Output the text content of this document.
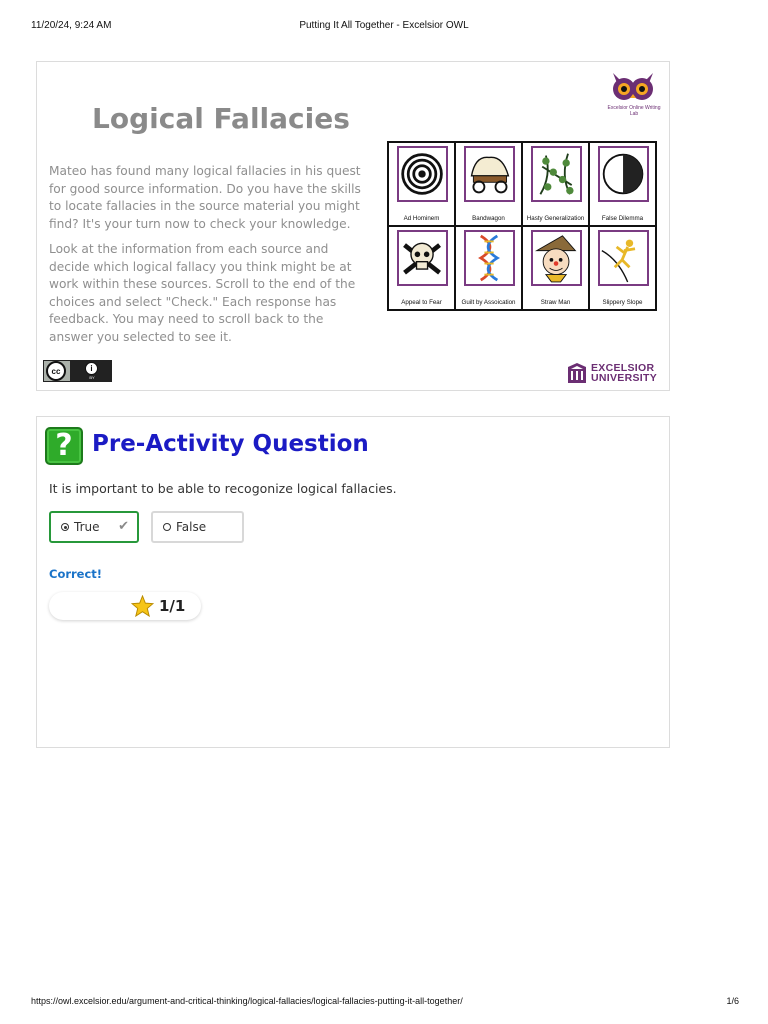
11/20/24, 9:24 AM	Putting It All Together - Excelsior OWL
Logical Fallacies

Mateo has found many logical fallacies in his quest for good source information. Do you have the skills to locate fallacies in the source material you might find? It's your turn now to check your knowledge.

Look at the information from each source and decide which logical fallacy you think might be at work within these sources. Scroll to the end of the choices and select "Check." Each response has feedback. You may need to scroll back to the answer you selected to see it.

Excelsior Online Writing Lab
Ad Hominem	Bandwagon	Hasty Generalization	False Dilemma
Appeal to Fear	Guilt by Assoication	Straw Man	Slippery Slope
cc	i
BY
EXCELSIOR
UNIVERSITY
? Pre-Activity Question
It is important to be able to recogonize logical fallacies.
True ✔	False
Correct!
1/1
https://owl.excelsior.edu/argument-and-critical-thinking/logical-fallacies/logical-fallacies-putting-it-all-together/	1/6
